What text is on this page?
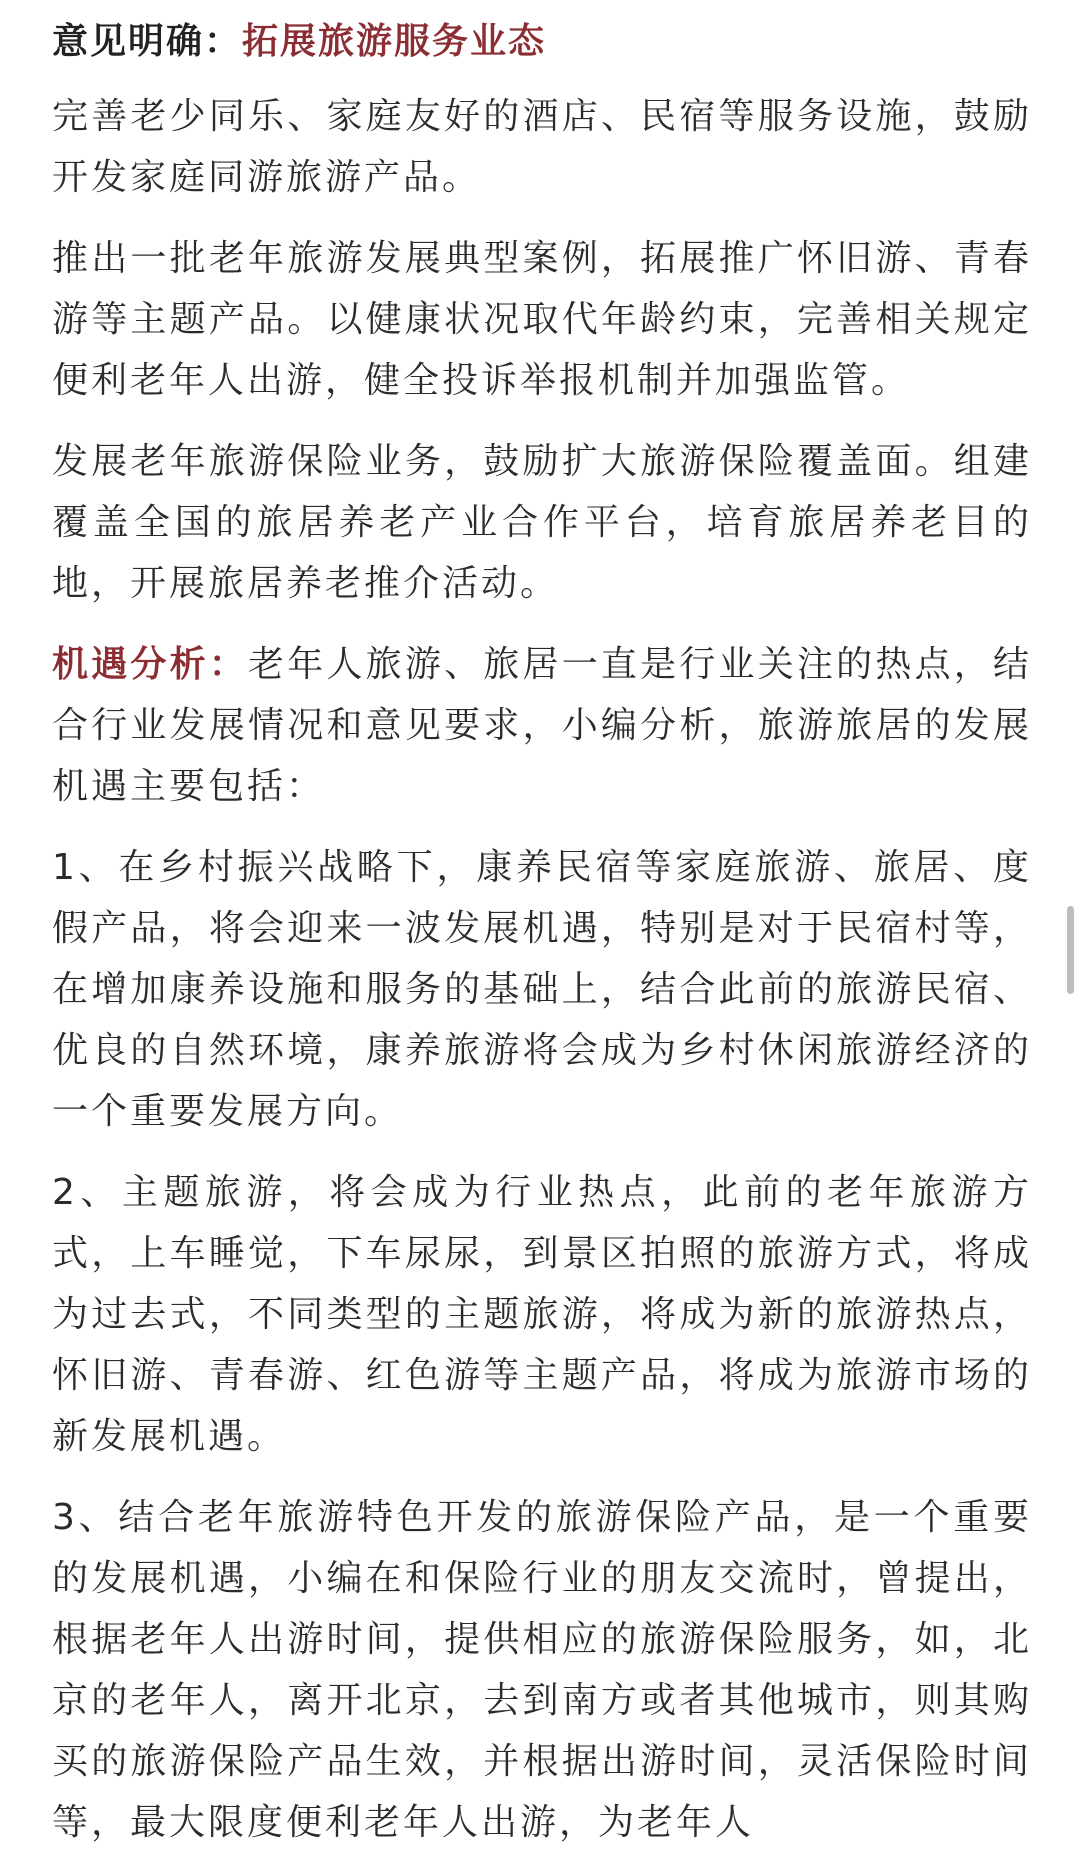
意见明确：拓展旅游服务业态

完善老少同乐、家庭友好的酒店、民宿等服务设施，鼓励开发家庭同游旅游产品。

推出一批老年旅游发展典型案例，拓展推广怀旧游、青春游等主题产品。以健康状况取代年龄约束，完善相关规定便利老年人出游，健全投诉举报机制并加强监管。

发展老年旅游保险业务，鼓励扩大旅游保险覆盖面。组建覆盖全国的旅居养老产业合作平台，培育旅居养老目的地，开展旅居养老推介活动。

机遇分析：老年人旅游、旅居一直是行业关注的热点，结合行业发展情况和意见要求，小编分析，旅游旅居的发展机遇主要包括：

1、在乡村振兴战略下，康养民宿等家庭旅游、旅居、度假产品，将会迎来一波发展机遇，特别是对于民宿村等，在增加康养设施和服务的基础上，结合此前的旅游民宿、优良的自然环境，康养旅游将会成为乡村休闲旅游经济的一个重要发展方向。

2、主题旅游，将会成为行业热点，此前的老年旅游方式，上车睡觉，下车尿尿，到景区拍照的旅游方式，将成为过去式，不同类型的主题旅游，将成为新的旅游热点，怀旧游、青春游、红色游等主题产品，将成为旅游市场的新发展机遇。

3、结合老年旅游特色开发的旅游保险产品，是一个重要的发展机遇，小编在和保险行业的朋友交流时，曾提出，根据老年人出游时间，提供相应的旅游保险服务，如，北京的老年人，离开北京，去到南方或者其他城市，则其购买的旅游保险产品生效，并根据出游时间，灵活保险时间等，最大限度便利老年人出游，为老年人
